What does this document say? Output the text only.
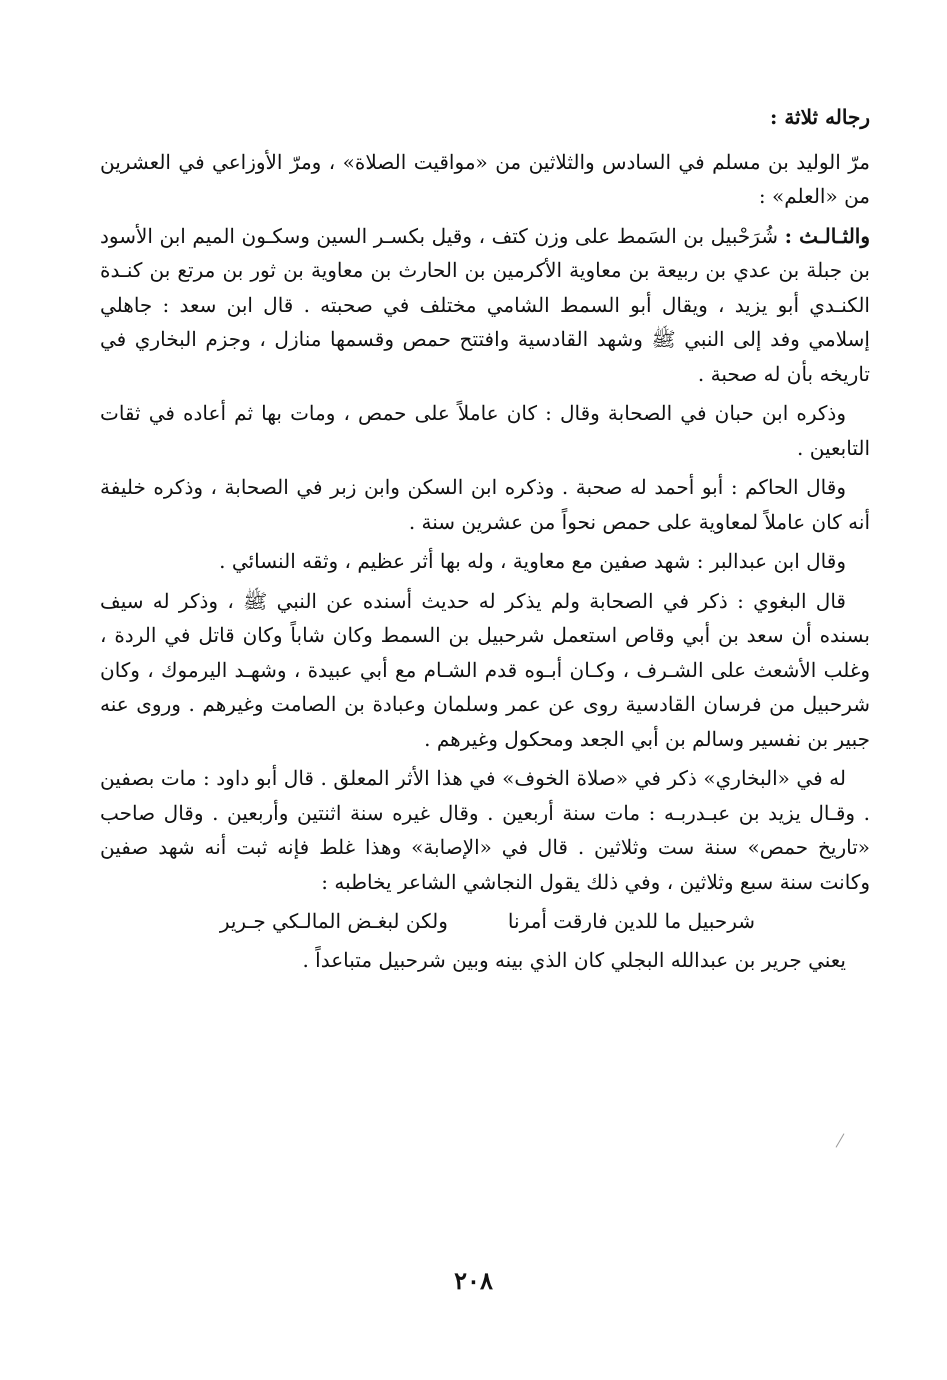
رجاله ثلاثة :

مرّ الوليد بن مسلم في السادس والثلاثين من «مواقيت الصلاة» ، ومرّ الأوزاعي في العشرين من «العلم» :

والثـالـث : شُرَحْبيل بن السَمط على وزن كتف ، وقيل بكسـر السين وسكـون الميم ابن الأسود بن جبلة بن عدي بن ربيعة بن معاوية الأكرمين بن الحارث بن معاوية بن ثور بن مرتع بن كنـدة الكنـدي أبو يزيد ، ويقال أبو السمط الشامي مختلف في صحبته . قال ابن سعد : جاهلي إسلامي وفد إلى النبي ﷺ وشهد القادسية وافتتح حمص وقسمها منازل ، وجزم البخاري في تاريخه بأن له صحبة .

وذكره ابن حبان في الصحابة وقال : كان عاملاً على حمص ، ومات بها ثم أعاده في ثقات التابعين .

وقال الحاكم : أبو أحمد له صحبة . وذكره ابن السكن وابن زبر في الصحابة ، وذكره خليفة أنه كان عاملاً لمعاوية على حمص نحواً من عشرين سنة .

وقال ابن عبدالبر : شهد صفين مع معاوية ، وله بها أثر عظيم ، وثقه النسائي .

قال البغوي : ذكر في الصحابة ولم يذكر له حديث أسنده عن النبي ﷺ ، وذكر له سيف بسنده أن سعد بن أبي وقاص استعمل شرحبيل بن السمط وكان شاباً وكان قاتل في الردة ، وغلب الأشعث على الشـرف ، وكـان أبـوه قدم الشـام مع أبي عبيدة ، وشهـد اليرموك ، وكان شرحبيل من فرسان القادسية روى عن عمر وسلمان وعبادة بن الصامت وغيرهم . وروى عنه جبير بن نفسير وسالم بن أبي الجعد ومحكول وغيرهم .

له في «البخاري» ذكر في «صلاة الخوف» في هذا الأثر المعلق . قال أبو داود : مات بصفين . وقـال يزيد بن عبـدربـه : مات سنة أربعين . وقال غيره سنة اثنتين وأربعين . وقال صاحب «تاريخ حمص» سنة ست وثلاثين . قال في «الإصابة» وهذا غلط فإنه ثبت أنه شهد صفين وكانت سنة سبع وثلاثين ، وفي ذلك يقول النجاشي الشاعر يخاطبه :

شرحبيل ما للدين فارقت أمرنا
ولكن لبغـض المالـكي جـرير

يعني جرير بن عبدالله البجلي كان الذي بينه وبين شرحبيل متباعداً .

٢٠٨
